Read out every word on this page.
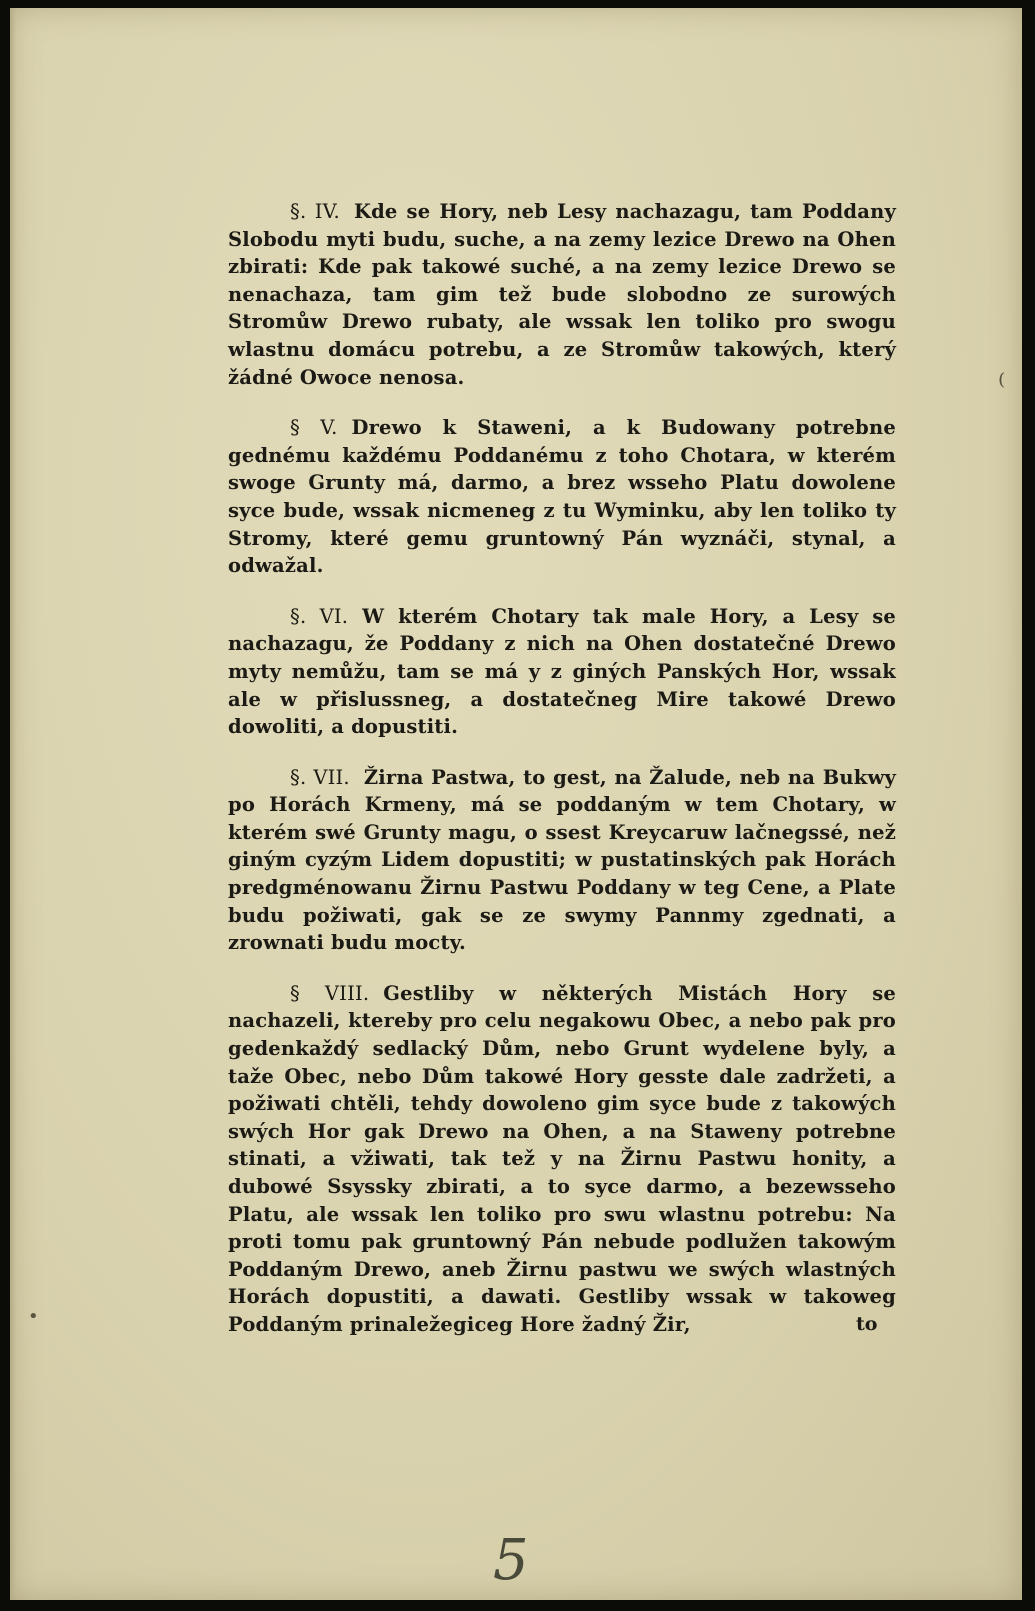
§. IV. Kde se Hory, neb Lesy nachazagu, tam Poddany Slobodu myti budu, suche, a na zemy lezice Drewo na Ohen zbirati: Kde pak takowé suché, a na zemy lezice Drewo se nenachaza, tam gim tež bude slobodno ze surowých Stromůw Drewo rubaty, ale wssak len toliko pro swogu wlastnu domácu potrebu, a ze Stromůw takowých, který žádné Owoce nenosa.

§ V. Drewo k Staweni, a k Budowany potrebne gednému každému Poddanému z toho Chotara, w kterém swoge Grunty má, darmo, a brez wsseho Platu dowolene syce bude, wssak nicmeneg z tu Wyminku, aby len toliko ty Stromy, které gemu gruntowný Pán wyznáči, stynal, a odwažal.

§. VI. W kterém Chotary tak male Hory, a Lesy se nachazagu, že Poddany z nich na Ohen dostatečné Drewo myty nemůžu, tam se má y z giných Panských Hor, wssak ale w přislussneg, a dostatečneg Mire takowé Drewo dowoliti, a dopustiti.

§. VII. Žirna Pastwa, to gest, na Žalude, neb na Bukwy po Horách Krmeny, má se poddaným w tem Chotary, w kterém swé Grunty magu, o ssest Kreycaruw lačnegssé, než giným cyzým Lidem dopustiti; w pustatinských pak Horách predgménowanu Žirnu Pastwu Poddany w teg Cene, a Plate budu požiwati, gak se ze swymy Pannmy zgednati, a zrownati budu mocty.

§ VIII. Gestliby w některých Mistách Hory se nachazeli, ktereby pro celu negakowu Obec, a nebo pak pro gedenkaždý sedlacký Dům, nebo Grunt wydelene byly, a taže Obec, nebo Dům takowé Hory gesste dale zadržeti, a požiwati chtěli, tehdy dowoleno gim syce bude z takowých swých Hor gak Drewo na Ohen, a na Staweny potrebne stinati, a vžiwati, tak tež y na Žirnu Pastwu honity, a dubowé Ssyssky zbirati, a to syce darmo, a bezewsseho Platu, ale wssak len toliko pro swu wlastnu potrebu: Na proti tomu pak gruntowný Pán nebude podlužen takowým Poddaným Drewo, aneb Žirnu pastwu we swých wlastných Horách dopustiti, a dawati. Gestliby wssak w takoweg Poddaným prinaležegiceg Hore žadný Žir,	to
5
⁽
•
